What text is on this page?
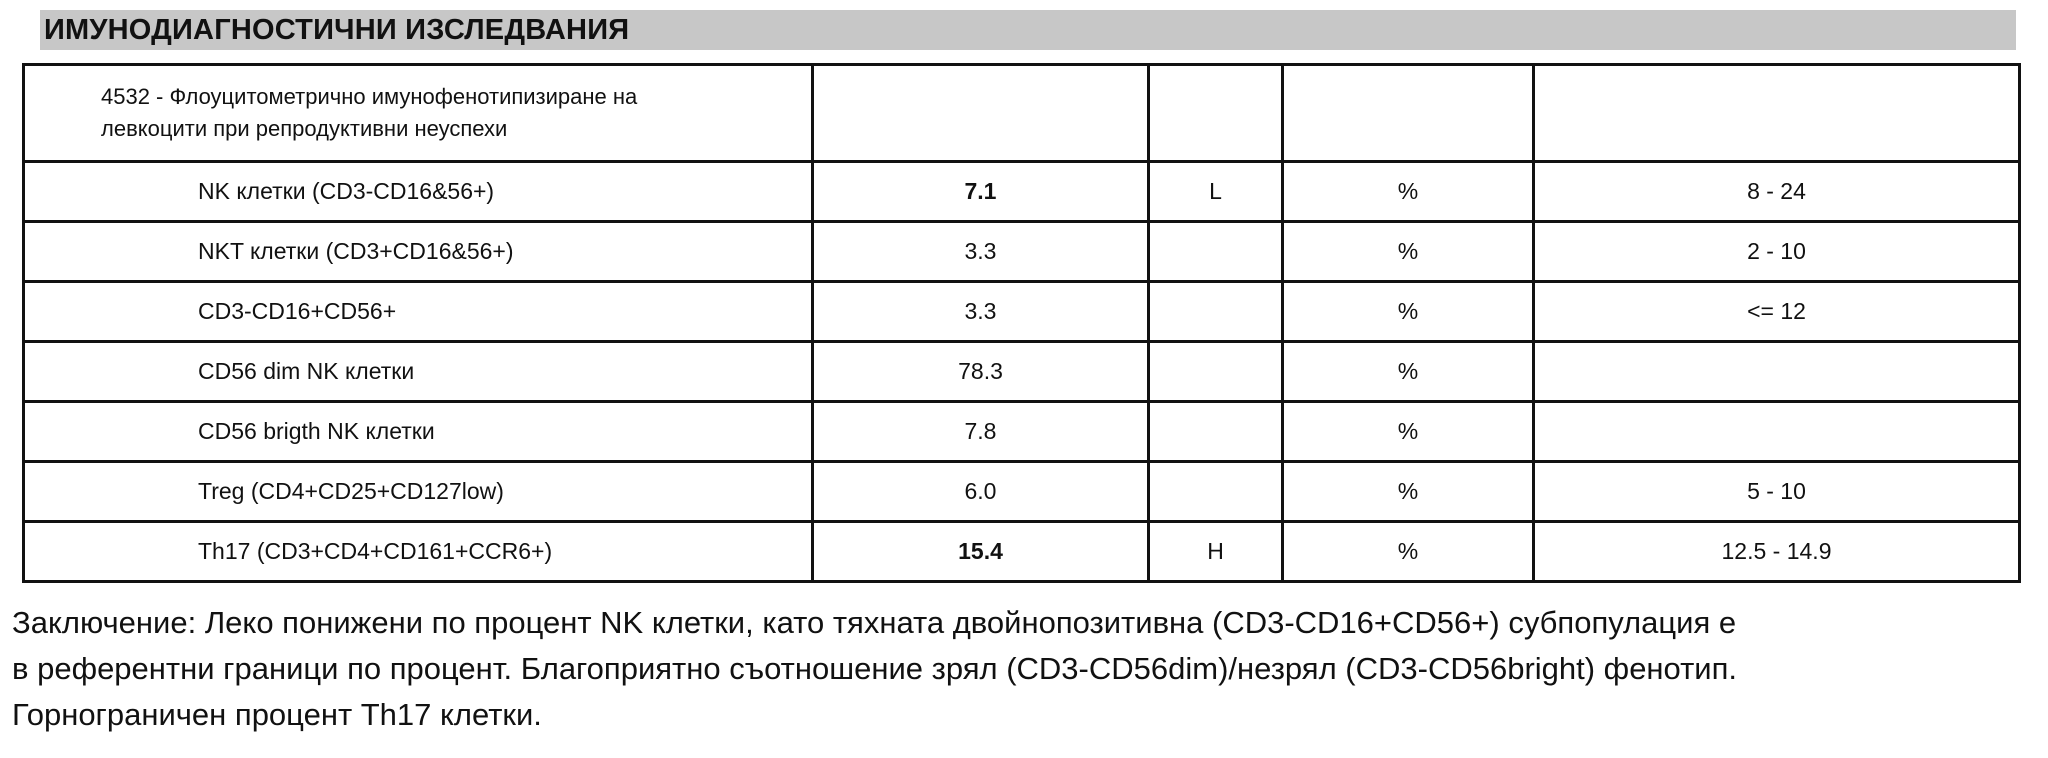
ИМУНОДИАГНОСТИЧНИ ИЗСЛЕДВАНИЯ
4532 - Флоуцитометрично имунофенотипизиране на
левкоцити при репродуктивни неуспехи				

NK клетки (CD3-CD16&56+)	7.1	L	%	8 - 24
NKT клетки (CD3+CD16&56+)	3.3		%	2 - 10
CD3-CD16+CD56+	3.3		%	<= 12
CD56 dim NK клетки	78.3		%	
CD56 brigth NK клетки	7.8		%	
Treg (CD4+CD25+CD127low)	6.0		%	5 - 10
Th17 (CD3+CD4+CD161+CCR6+)	15.4	H	%	12.5 - 14.9

Заключение: Леко понижени по процент NK клетки, като тяхната двойнопозитивна (CD3-CD16+CD56+) субпопулация е

в референтни граници по процент. Благоприятно съотношение зрял (CD3-CD56dim)/незрял (CD3-CD56bright) фенотип.

Горнограничен процент Th17 клетки.
